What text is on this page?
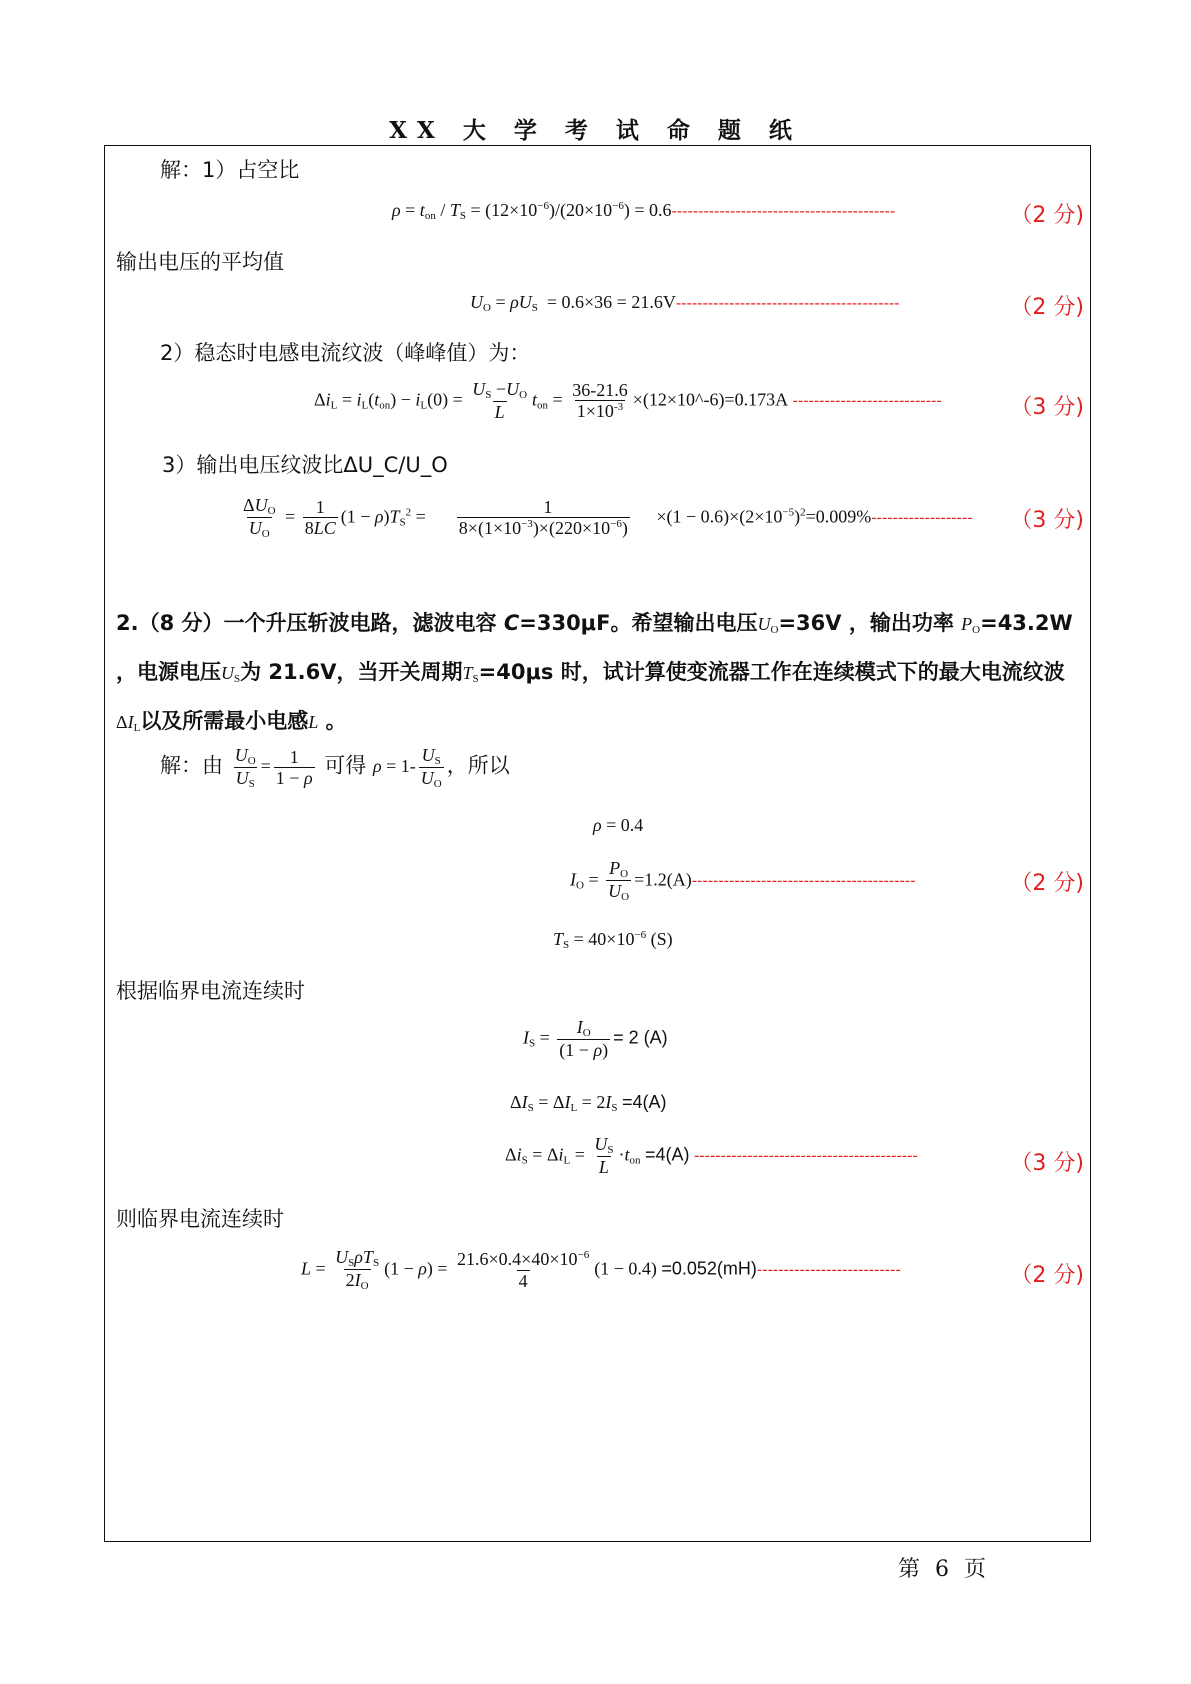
XX 大 学 考 试 命 题 纸
解：1）占空比
$\rho = t_{on} / T_S = (12\times 10^{-6})/(20\times 10^{-6}) = 0.6------------------------------------------$	（2 分)
输出电压的平均值
$U_O = \rho U_S = 0.6\times 36 = 21.6V------------------------------------------$	（2 分)
2）稳态时电感电流纹波（峰峰值）为：
$\Delta i_L = i_L(t_{on}) - i_L(0) = \frac{U_S -U_O}{L} t_{on} = \frac{36-21.6}{1\times 10^{-3}}$ ×(12×10^-6)=0.173A ----------------------------	（3 分)
3）输出电压纹波比ΔU_C/U_O
$\frac{\Delta U_O}{U_O} = \frac{1}{8LC} (1 - \rho)T_S^2 = \frac{1}{8\times(1\times 10^{-3})\times(220\times 10^{-6})} \times(1 - 0.6)\times(2\times 10^{-5})^2=0.009\%-------------------$ （3 分)
2.（8 分）一个升压斩波电路，滤波电容 C=330μF。希望输出电压$U_O=36V$ ，输出功率 $P_O=43.2W$ ，电源电压$U_S$为 21.6V，当开关周期$T_S=40\mu s$ 时，试计算使变流器工作在连续模式下的最大电流纹波$\Delta I_L$以及所需最小电感L 。
解：由 $\frac{U_O}{U_S} = \frac{1}{1 - \rho}$ 可得 $\rho = 1- \frac{U_S}{U_O}$ ，所以
ρ = 0.4
$I_O = \frac{P_O}{U_O} =1.2(A)------------------------------------------$	（2 分)
$T_S = 40\times 10^{-6}$ (S)
根据临界电流连续时
$I_S = \frac{I_O}{(1 - \rho)} = 2$ (A)
$\Delta I_S = \Delta I_L = 2I_S =4(A)$
$\Delta i_S = \Delta i_L = \frac{U_S}{L} \cdot t_{on} =4(A)$ ------------------------------------------	（3 分)
则临界电流连续时
$L = \frac{U_S\rho T_S}{2I_O} (1 - \rho) = \frac{21.6\times 0.4\times 40\times 10^{-6}}{4} (1 - 0.4) =0.052(mH)---------------------------$	（2 分)
第 6 页
